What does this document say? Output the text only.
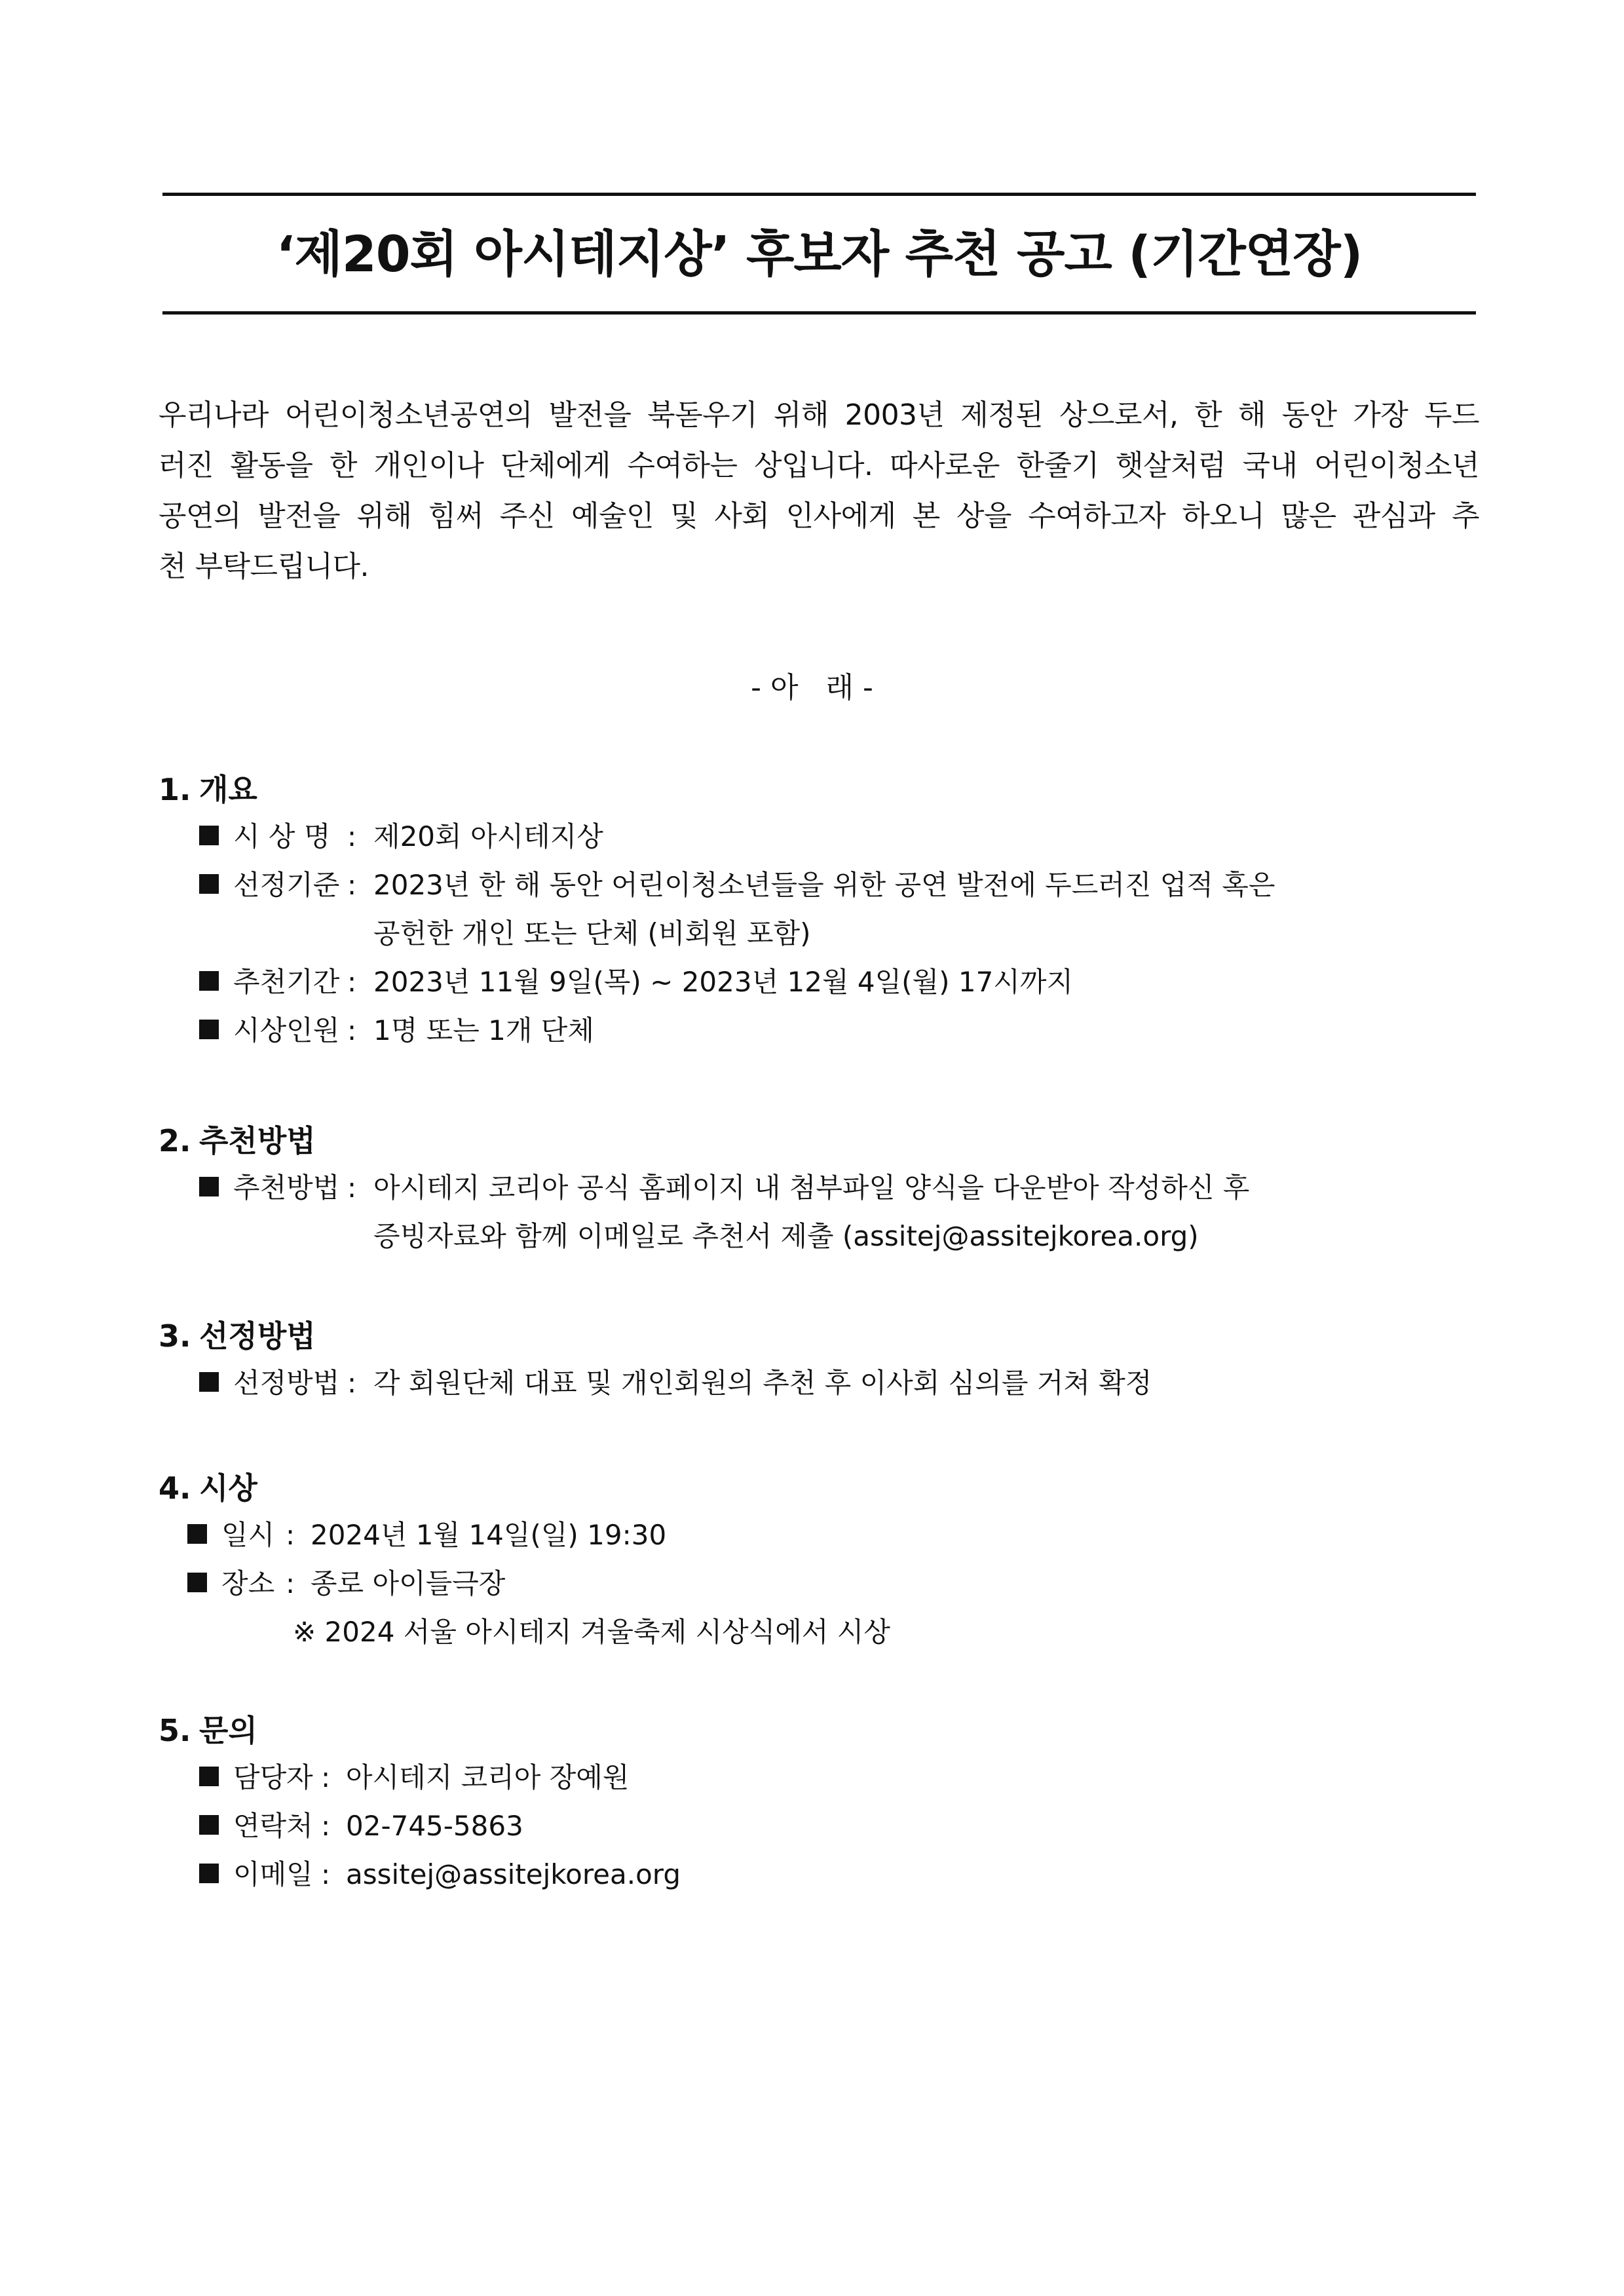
‘제20회 아시테지상’ 후보자 추천 공고 (기간연장)
우리나라 어린이청소년공연의 발전을 북돋우기 위해 2003년 제정된 상으로서, 한 해 동안 가장 두드
러진 활동을 한 개인이나 단체에게 수여하는 상입니다. 따사로운 한줄기 햇살처럼 국내 어린이청소년
공연의 발전을 위해 힘써 주신 예술인 및 사회 인사에게 본 상을 수여하고자 하오니 많은 관심과 추
천 부탁드립니다.
- 아   래 -
1. 개요
시 상 명 : 제20회 아시테지상
선정기준 : 2023년 한 해 동안 어린이청소년들을 위한 공연 발전에 두드러진 업적 혹은
공헌한 개인 또는 단체 (비회원 포함)
추천기간 : 2023년 11월 9일(목) ~ 2023년 12월 4일(월) 17시까지
시상인원 : 1명 또는 1개 단체
2. 추천방법
추천방법 : 아시테지 코리아 공식 홈페이지 내 첨부파일 양식을 다운받아 작성하신 후
증빙자료와 함께 이메일로 추천서 제출 (assitej@assitejkorea.org)
3. 선정방법
선정방법 : 각 회원단체 대표 및 개인회원의 추천 후 이사회 심의를 거쳐 확정
4. 시상
일시 : 2024년 1월 14일(일) 19:30
장소 : 종로 아이들극장
※ 2024 서울 아시테지 겨울축제 시상식에서 시상
5. 문의
담당자 : 아시테지 코리아 장예원
연락처 : 02-745-5863
이메일 : assitej@assitejkorea.org
